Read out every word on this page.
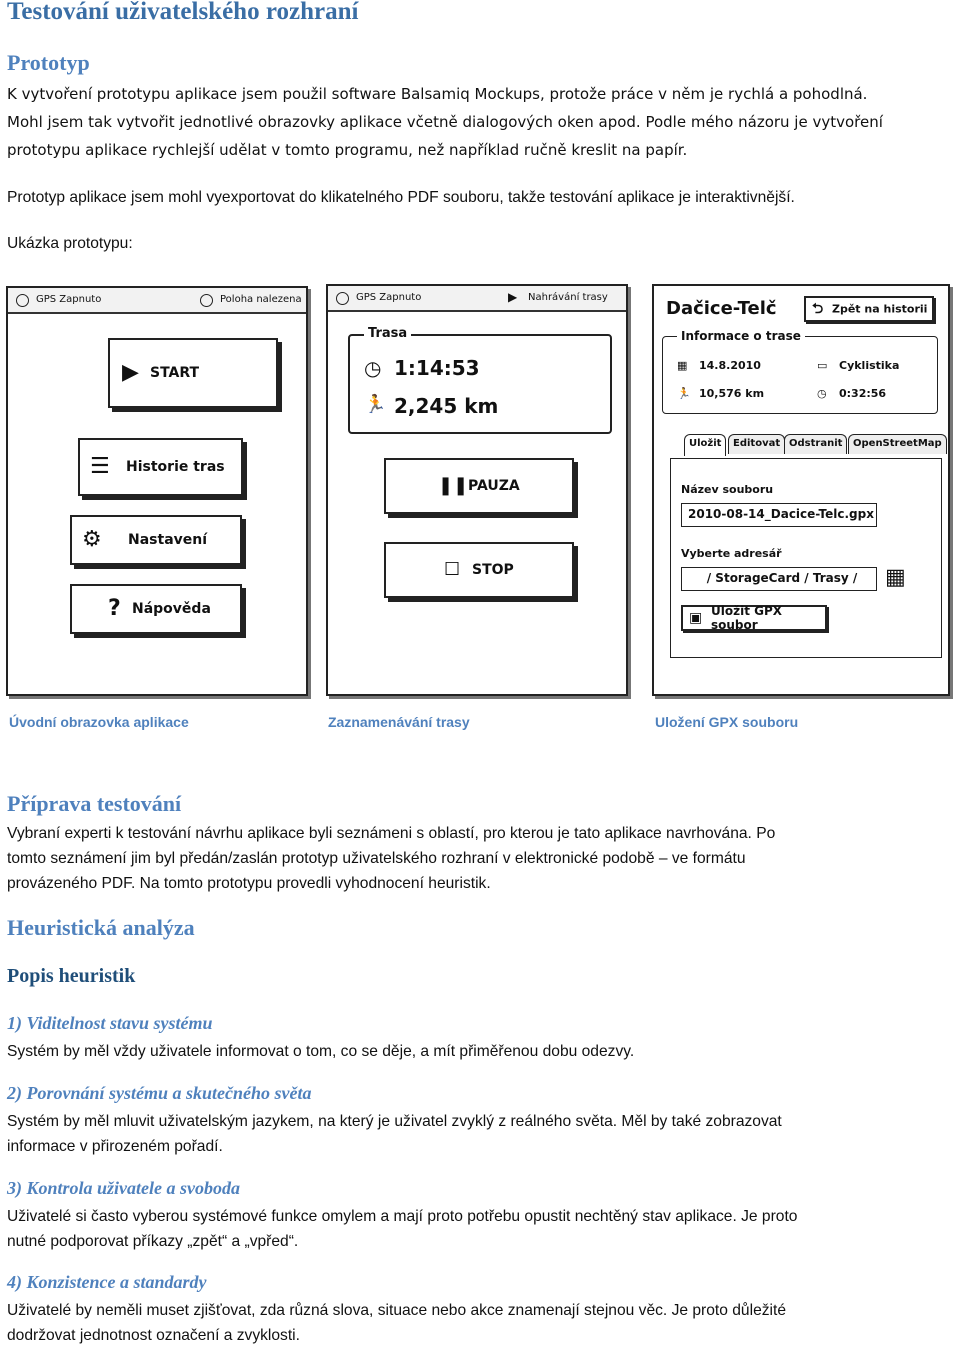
Testování uživatelského rozhraní
Prototyp
K vytvoření prototypu aplikace jsem použil software Balsamiq Mockups, protože práce v něm je rychlá a pohodlná.
Mohl jsem tak vytvořit jednotlivé obrazovky aplikace včetně dialogových oken apod. Podle mého názoru je vytvoření
prototypu aplikace rychlejší udělat v tomto programu, než například ručně kreslit na papír.
Prototyp aplikace jsem mohl vyexportovat do klikatelného PDF souboru, takže testování aplikace je interaktivnější.
Ukázka prototypu:
GPS Zapnuto	Poloha nalezena
▶ START
☰ Historie tras
⚙ Nastavení
? Nápověda
GPS Zapnuto	▶ Nahrávání trasy
Trasa
◷ 1:14:53
🏃 2,245 km
❚❚ PAUZA
☐ STOP
Dačice-Telč	⮌ Zpět na historii
Informace o trase
▦ 14.8.2010	▭ Cyklistika
🏃 10,576 km	◷ 0:32:56
Uložit	Editovat Odstranit	OpenStreetMap
Název souboru
2010-08-14_Dacice-Telc.gpx
Vyberte adresář
/ StorageCard / Trasy /	▦
▣ Uložit GPX soubor
Úvodní obrazovka aplikace	Zaznamenávání trasy	Uložení GPX souboru
Příprava testování
Vybraní experti k testování návrhu aplikace byli seznámeni s oblastí, pro kterou je tato aplikace navrhována. Po
tomto seznámení jim byl předán/zaslán prototyp uživatelského rozhraní v elektronické podobě – ve formátu
provázeného PDF. Na tomto prototypu provedli vyhodnocení heuristik.
Heuristická analýza
Popis heuristik
1) Viditelnost stavu systému
Systém by měl vždy uživatele informovat o tom, co se děje, a mít přiměřenou dobu odezvy.
2) Porovnání systému a skutečného světa
Systém by měl mluvit uživatelským jazykem, na který je uživatel zvyklý z reálného světa. Měl by také zobrazovat
informace v přirozeném pořadí.
3) Kontrola uživatele a svoboda
Uživatelé si často vyberou systémové funkce omylem a mají proto potřebu opustit nechtěný stav aplikace. Je proto
nutné podporovat příkazy „zpět“ a „vpřed“.
4) Konzistence a standardy
Uživatelé by neměli muset zjišťovat, zda různá slova, situace nebo akce znamenají stejnou věc. Je proto důležité
dodržovat jednotnost označení a zvyklosti.
